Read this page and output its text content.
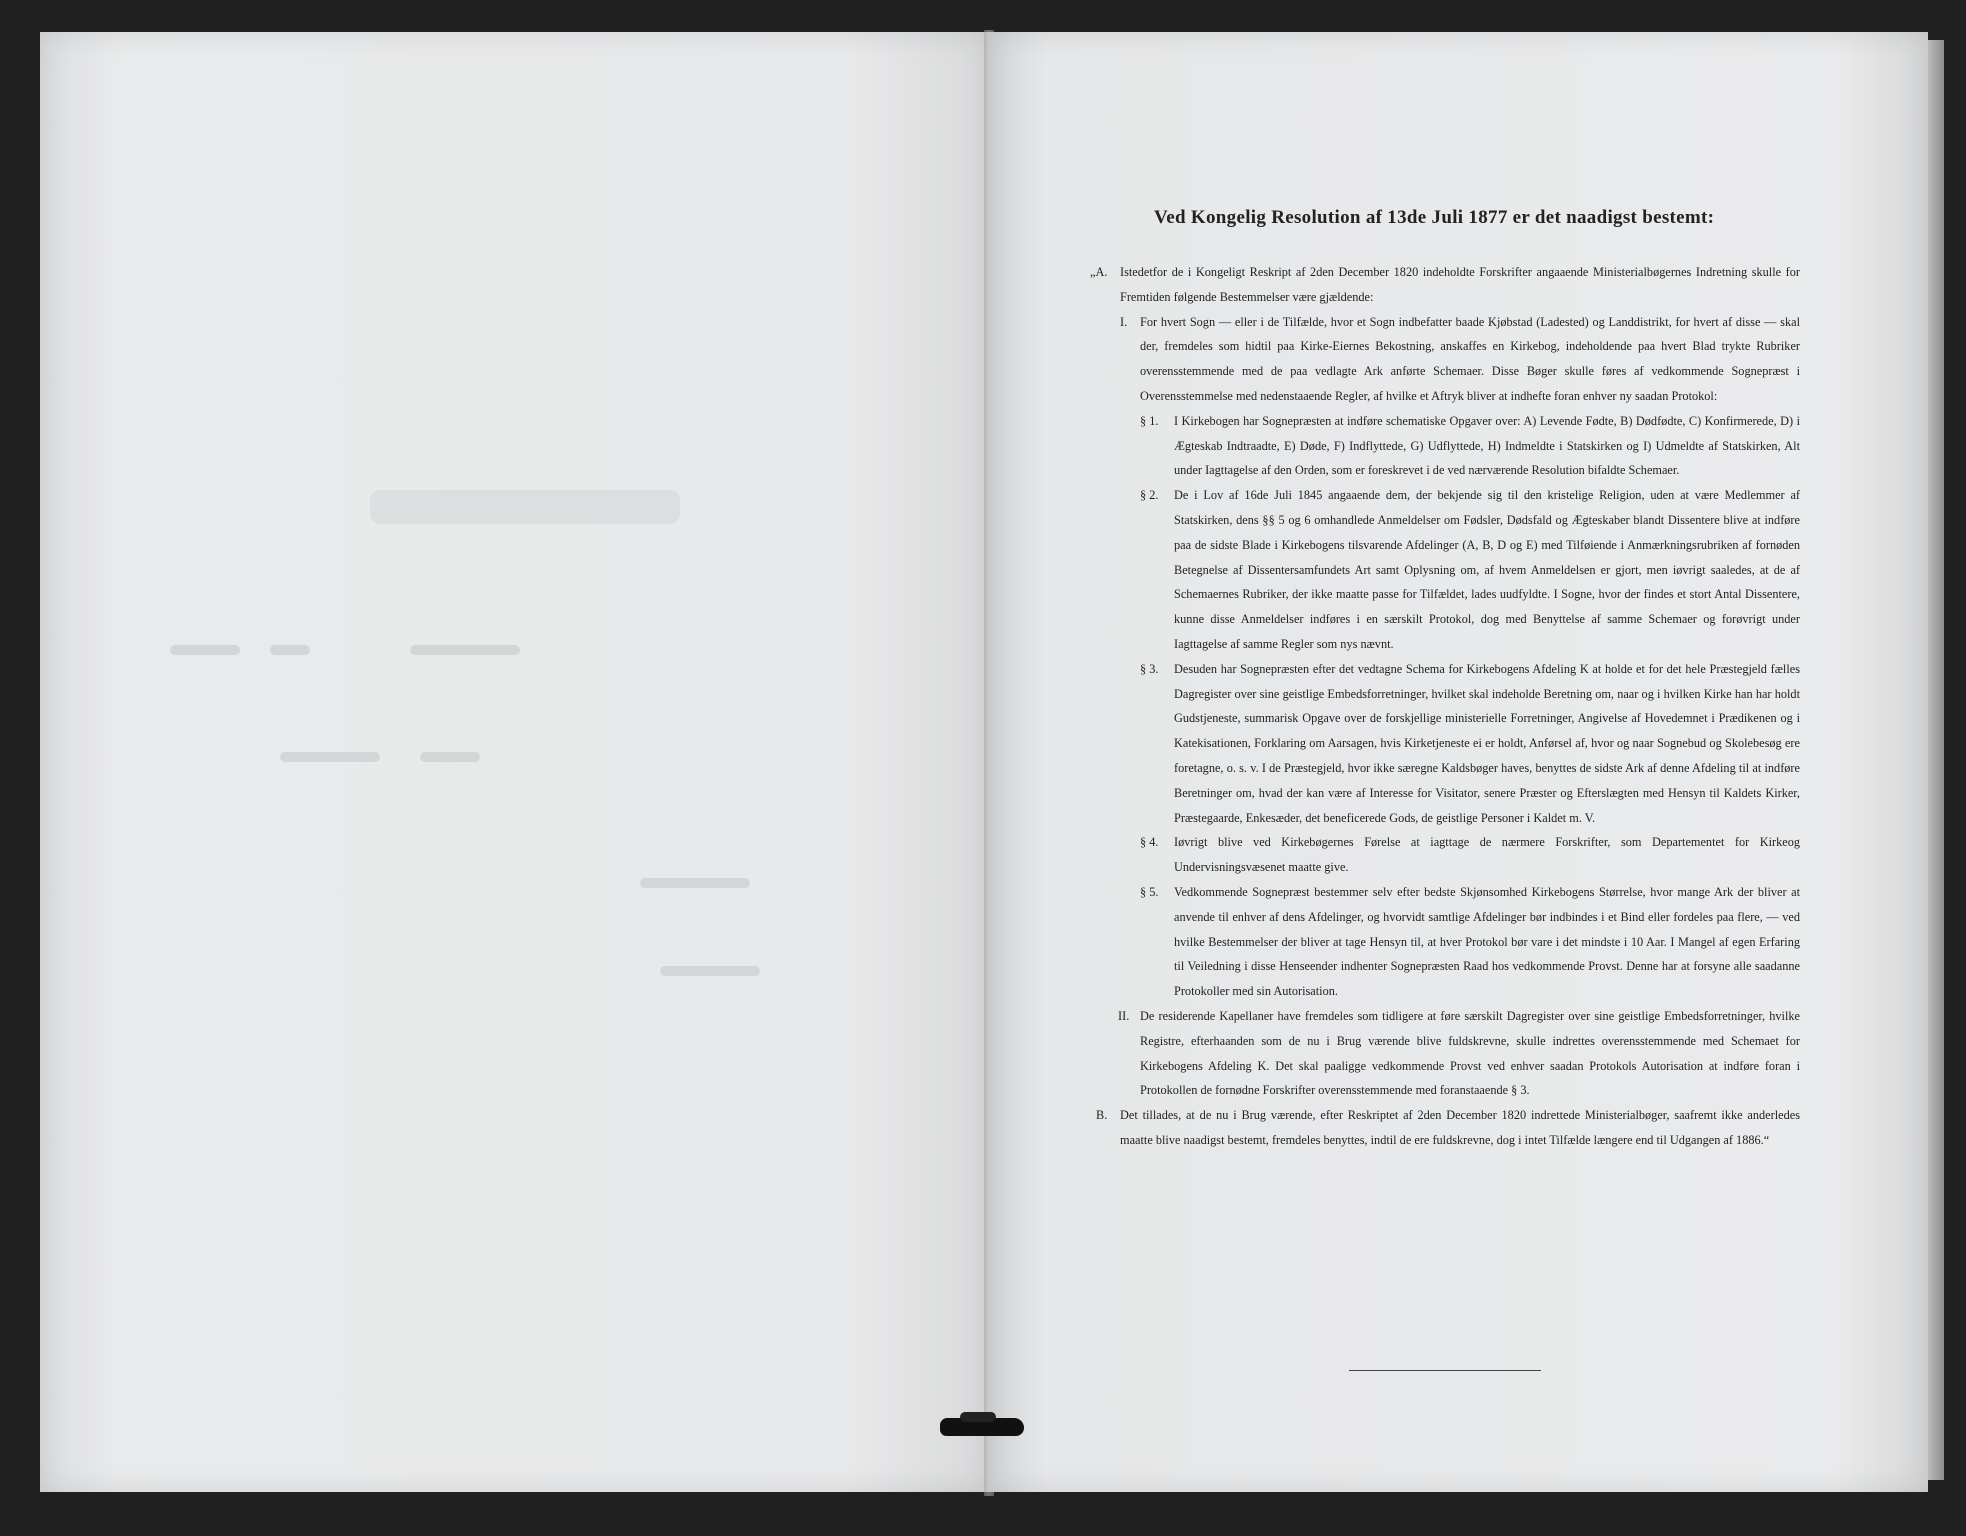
Ved Kongelig Resolution af 13de Juli 1877 er det naadigst bestemt:
„A. Istedetfor de i Kongeligt Reskript af 2den December 1820 indeholdte Forskrifter angaaende Ministerialbøgernes Indretning skulle for Fremtiden følgende Bestemmelser være gjældende:
I. For hvert Sogn — eller i de Tilfælde, hvor et Sogn indbefatter baade Kjøbstad (Ladested) og Landdistrikt, for hvert af disse — skal der, fremdeles som hidtil paa Kirke-Eiernes Bekostning, anskaffes en Kirkebog, indeholdende paa hvert Blad trykte Rubriker overensstemmende med de paa vedlagte Ark anførte Schemaer. Disse Bøger skulle føres af vedkommende Sognepræst i Overensstemmelse med nedenstaaende Regler, af hvilke et Aftryk bliver at indhefte foran enhver ny saadan Protokol:
§ 1. I Kirkebogen har Sognepræsten at indføre schematiske Opgaver over: A) Levende Fødte, B) Dødfødte, C) Konfirmerede, D) i Ægteskab Indtraadte, E) Døde, F) Indflyttede, G) Udflyttede, H) Indmeldte i Statskirken og I) Udmeldte af Statskirken, Alt under Iagttagelse af den Orden, som er foreskrevet i de ved nærværende Resolution bifaldte Schemaer.
§ 2. De i Lov af 16de Juli 1845 angaaende dem, der bekjende sig til den kristelige Religion, uden at være Medlemmer af Statskirken, dens §§ 5 og 6 omhandlede Anmeldelser om Fødsler, Dødsfald og Ægteskaber blandt Dissentere blive at indføre paa de sidste Blade i Kirkebogens tilsvarende Afdelinger (A, B, D og E) med Tilføiende i Anmærkningsrubriken af fornøden Betegnelse af Dissentersamfundets Art samt Oplysning om, af hvem Anmeldelsen er gjort, men iøvrigt saaledes, at de af Schemaernes Rubriker, der ikke maatte passe for Tilfældet, lades uudfyldte. I Sogne, hvor der findes et stort Antal Dissentere, kunne disse Anmeldelser indføres i en særskilt Protokol, dog med Benyttelse af samme Schemaer og forøvrigt under Iagttagelse af samme Regler som nys nævnt.
§ 3. Desuden har Sognepræsten efter det vedtagne Schema for Kirkebogens Afdeling K at holde et for det hele Præstegjeld fælles Dagregister over sine geistlige Embedsforretninger, hvilket skal indeholde Beretning om, naar og i hvilken Kirke han har holdt Gudstjeneste, summarisk Opgave over de forskjellige ministerielle Forretninger, Angivelse af Hovedemnet i Prædikenen og i Katekisationen, Forklaring om Aarsagen, hvis Kirketjeneste ei er holdt, Anførsel af, hvor og naar Sognebud og Skolebesøg ere foretagne, o. s. v. I de Præstegjeld, hvor ikke særegne Kaldsbøger haves, benyttes de sidste Ark af denne Afdeling til at indføre Beretninger om, hvad der kan være af Interesse for Visitator, senere Præster og Efterslægten med Hensyn til Kaldets Kirker, Præstegaarde, Enkesæder, det beneficerede Gods, de geistlige Personer i Kaldet m. V.
§ 4. Iøvrigt blive ved Kirkebøgernes Førelse at iagttage de nærmere Forskrifter, som Departementet for Kirkeog Undervisningsvæsenet maatte give.
§ 5. Vedkommende Sognepræst bestemmer selv efter bedste Skjønsomhed Kirkebogens Størrelse, hvor mange Ark der bliver at anvende til enhver af dens Afdelinger, og hvorvidt samtlige Afdelinger bør indbindes i et Bind eller fordeles paa flere, — ved hvilke Bestemmelser der bliver at tage Hensyn til, at hver Protokol bør vare i det mindste i 10 Aar. I Mangel af egen Erfaring til Veiledning i disse Henseender indhenter Sognepræsten Raad hos vedkommende Provst. Denne har at forsyne alle saadanne Protokoller med sin Autorisation.
II. De residerende Kapellaner have fremdeles som tidligere at føre særskilt Dagregister over sine geistlige Embedsforretninger, hvilke Registre, efterhaanden som de nu i Brug værende blive fuldskrevne, skulle indrettes overensstemmende med Schemaet for Kirkebogens Afdeling K. Det skal paaligge vedkommende Provst ved enhver saadan Protokols Autorisation at indføre foran i Protokollen de fornødne Forskrifter overensstemmende med foranstaaende § 3.
B. Det tillades, at de nu i Brug værende, efter Reskriptet af 2den December 1820 indrettede Ministerialbøger, saafremt ikke anderledes maatte blive naadigst bestemt, fremdeles benyttes, indtil de ere fuldskrevne, dog i intet Tilfælde længere end til Udgangen af 1886.“
